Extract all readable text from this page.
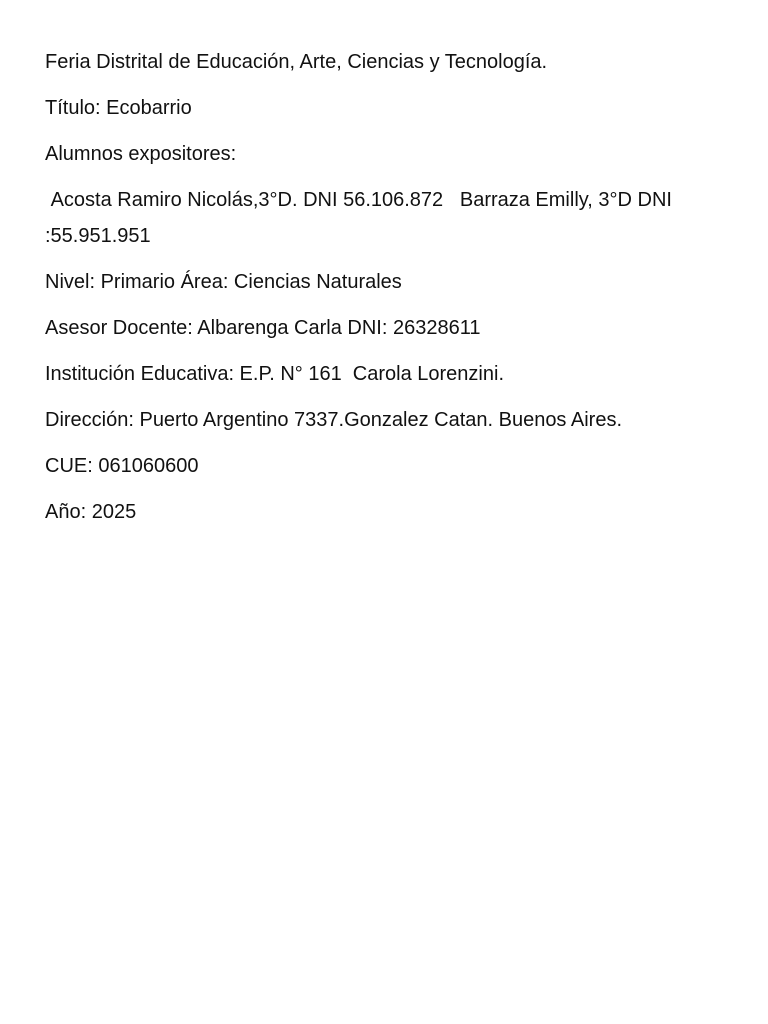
Feria Distrital de Educación, Arte, Ciencias y Tecnología.

Título: Ecobarrio

Alumnos expositores:

Acosta Ramiro Nicolás,3°D. DNI 56.106.872   Barraza Emilly, 3°D DNI :55.951.951

Nivel: Primario Área: Ciencias Naturales

Asesor Docente: Albarenga Carla DNI: 26328611

Institución Educativa: E.P. N° 161  Carola Lorenzini.

Dirección: Puerto Argentino 7337.Gonzalez Catan. Buenos Aires.

CUE: 061060600

Año: 2025
